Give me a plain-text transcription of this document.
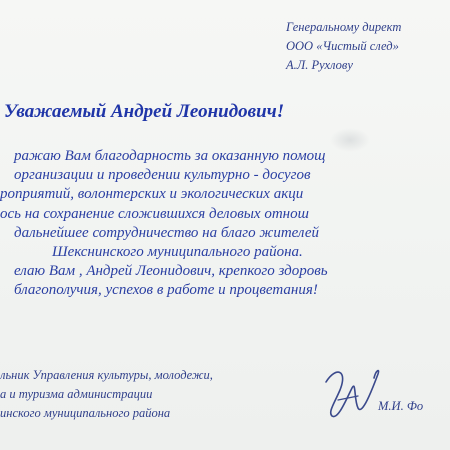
Генеральному директ
ООО «Чистый след»
А.Л. Рухлову
Уважаемый Андрей Леонидович!
ражаю Вам благодарность за оказанную помощ
организации и проведении культурно - досугов
роприятий, волонтерских и экологических акци
ось на сохранение сложившихся деловых отнош
дальнейшее сотрудничество на благо жителей
Шекснинского муниципального района.
елаю Вам , Андрей Леонидович, крепкого здоровь
благополучия, успехов в работе и процветания!
льник Управления культуры, молодежи,
а и туризма администрации
инского муниципального района	М.И. Фо
